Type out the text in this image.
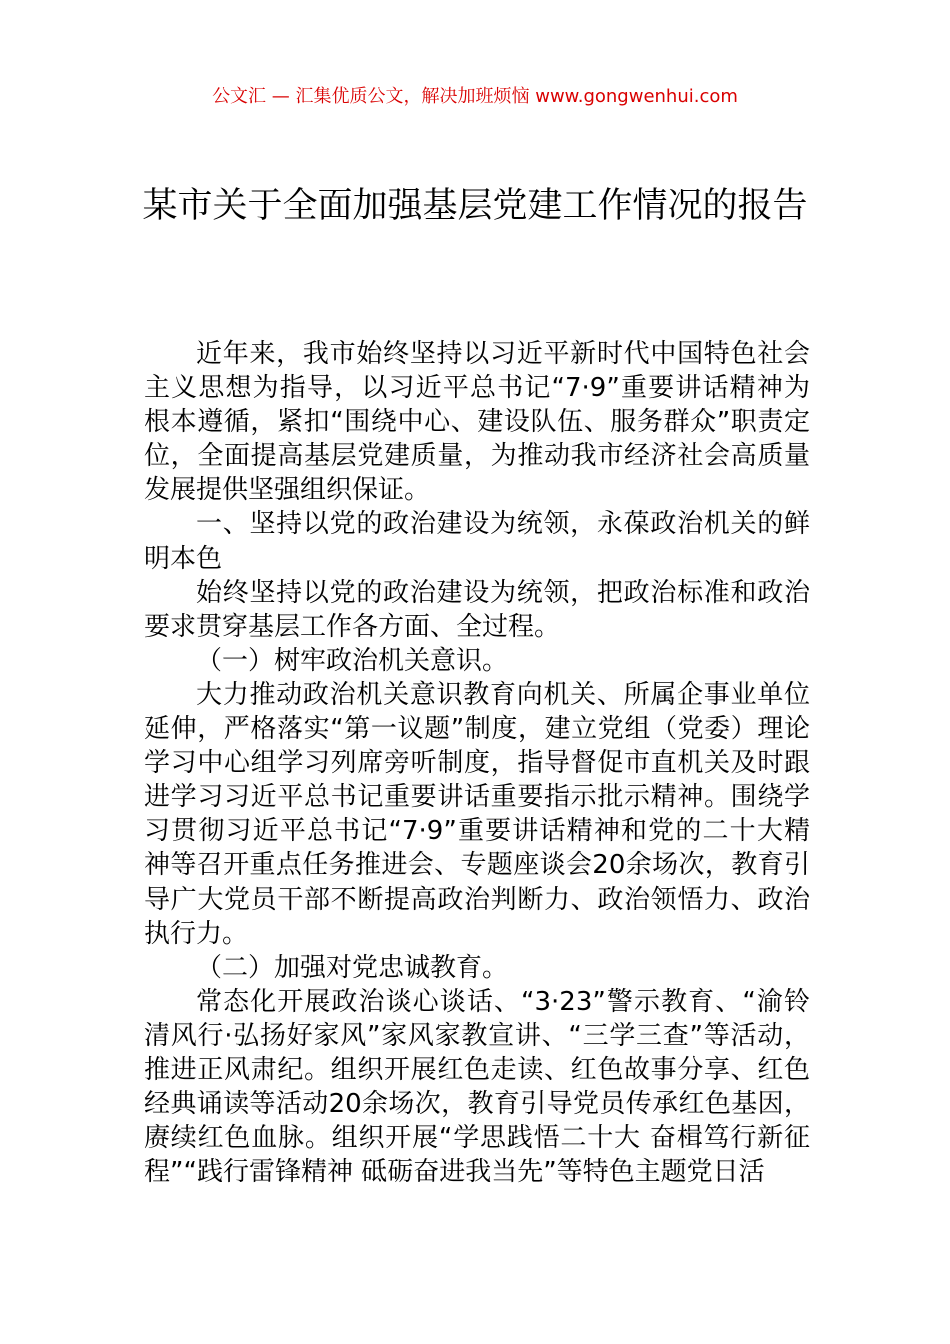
公文汇 — 汇集优质公文，解决加班烦恼 www.gongwenhui.com
某市关于全面加强基层党建工作情况的报告

近年来，我市始终坚持以习近平新时代中国特色社会主义思想为指导，以习近平总书记“7·9”重要讲话精神为根本遵循，紧扣“围绕中心、建设队伍、服务群众”职责定位，全面提高基层党建质量，为推动我市经济社会高质量发展提供坚强组织保证。

一、坚持以党的政治建设为统领，永葆政治机关的鲜明本色

始终坚持以党的政治建设为统领，把政治标准和政治要求贯穿基层工作各方面、全过程。

（一）树牢政治机关意识。

大力推动政治机关意识教育向机关、所属企事业单位延伸，严格落实“第一议题”制度，建立党组（党委）理论学习中心组学习列席旁听制度，指导督促市直机关及时跟进学习习近平总书记重要讲话重要指示批示精神。围绕学习贯彻习近平总书记“7·9”重要讲话精神和党的二十大精神等召开重点任务推进会、专题座谈会20余场次，教育引导广大党员干部不断提高政治判断力、政治领悟力、政治执行力。

（二）加强对党忠诚教育。

常态化开展政治谈心谈话、“3·23”警示教育、“渝铃清风行·弘扬好家风”家风家教宣讲、“三学三查”等活动，推进正风肃纪。组织开展红色走读、红色故事分享、红色经典诵读等活动20余场次，教育引导党员传承红色基因，赓续红色血脉。组织开展“学思践悟二十大 奋楫笃行新征程”“践行雷锋精神 砥砺奋进我当先”等特色主题党日活
